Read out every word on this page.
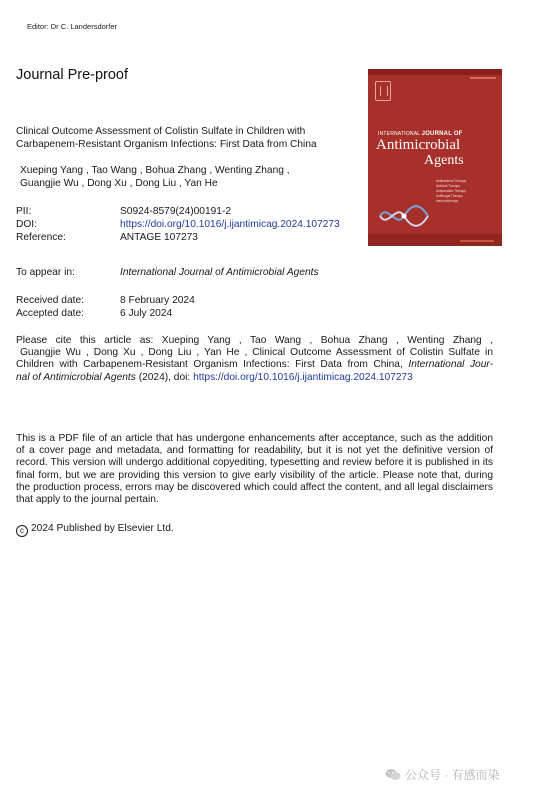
Editor: Dr C. Landersdorfer
Journal Pre-proof
INTERNATIONAL JOURNAL OF
Antimicrobial
Agents
Antibacterial Therapy
Antiviral Therapy
Antiparasitic Therapy
Antifungal Therapy
Immunotherapy
Clinical Outcome Assessment of Colistin Sulfate in Children with Carbapenem-Resistant Organism Infections: First Data from China
Xueping Yang , Tao Wang , Bohua Zhang , Wenting Zhang ,
Guangjie Wu , Dong Xu , Dong Liu , Yan He
PII:	S0924-8579(24)00191-2
DOI:	https://doi.org/10.1016/j.ijantimicag.2024.107273
Reference:	ANTAGE 107273
To appear in:	International Journal of Antimicrobial Agents
Received date:	8 February 2024
Accepted date:	6 July 2024
Please cite this article as: Xueping Yang , Tao Wang , Bohua Zhang , Wenting Zhang ,
Guangjie Wu , Dong Xu , Dong Liu , Yan He , Clinical Outcome Assessment of Colistin Sulfate in
Children with Carbapenem-Resistant Organism Infections: First Data from China, International Jour-
nal of Antimicrobial Agents (2024), doi: https://doi.org/10.1016/j.ijantimicag.2024.107273
This is a PDF file of an article that has undergone enhancements after acceptance, such as the addition of a cover page and metadata, and formatting for readability, but it is not yet the definitive version of record. This version will undergo additional copyediting, typesetting and review before it is published in its final form, but we are providing this version to give early visibility of the article. Please note that, during the production process, errors may be discovered which could affect the content, and all legal disclaimers that apply to the journal pertain.
c 2024 Published by Elsevier Ltd.
公众号 · 有感而染
